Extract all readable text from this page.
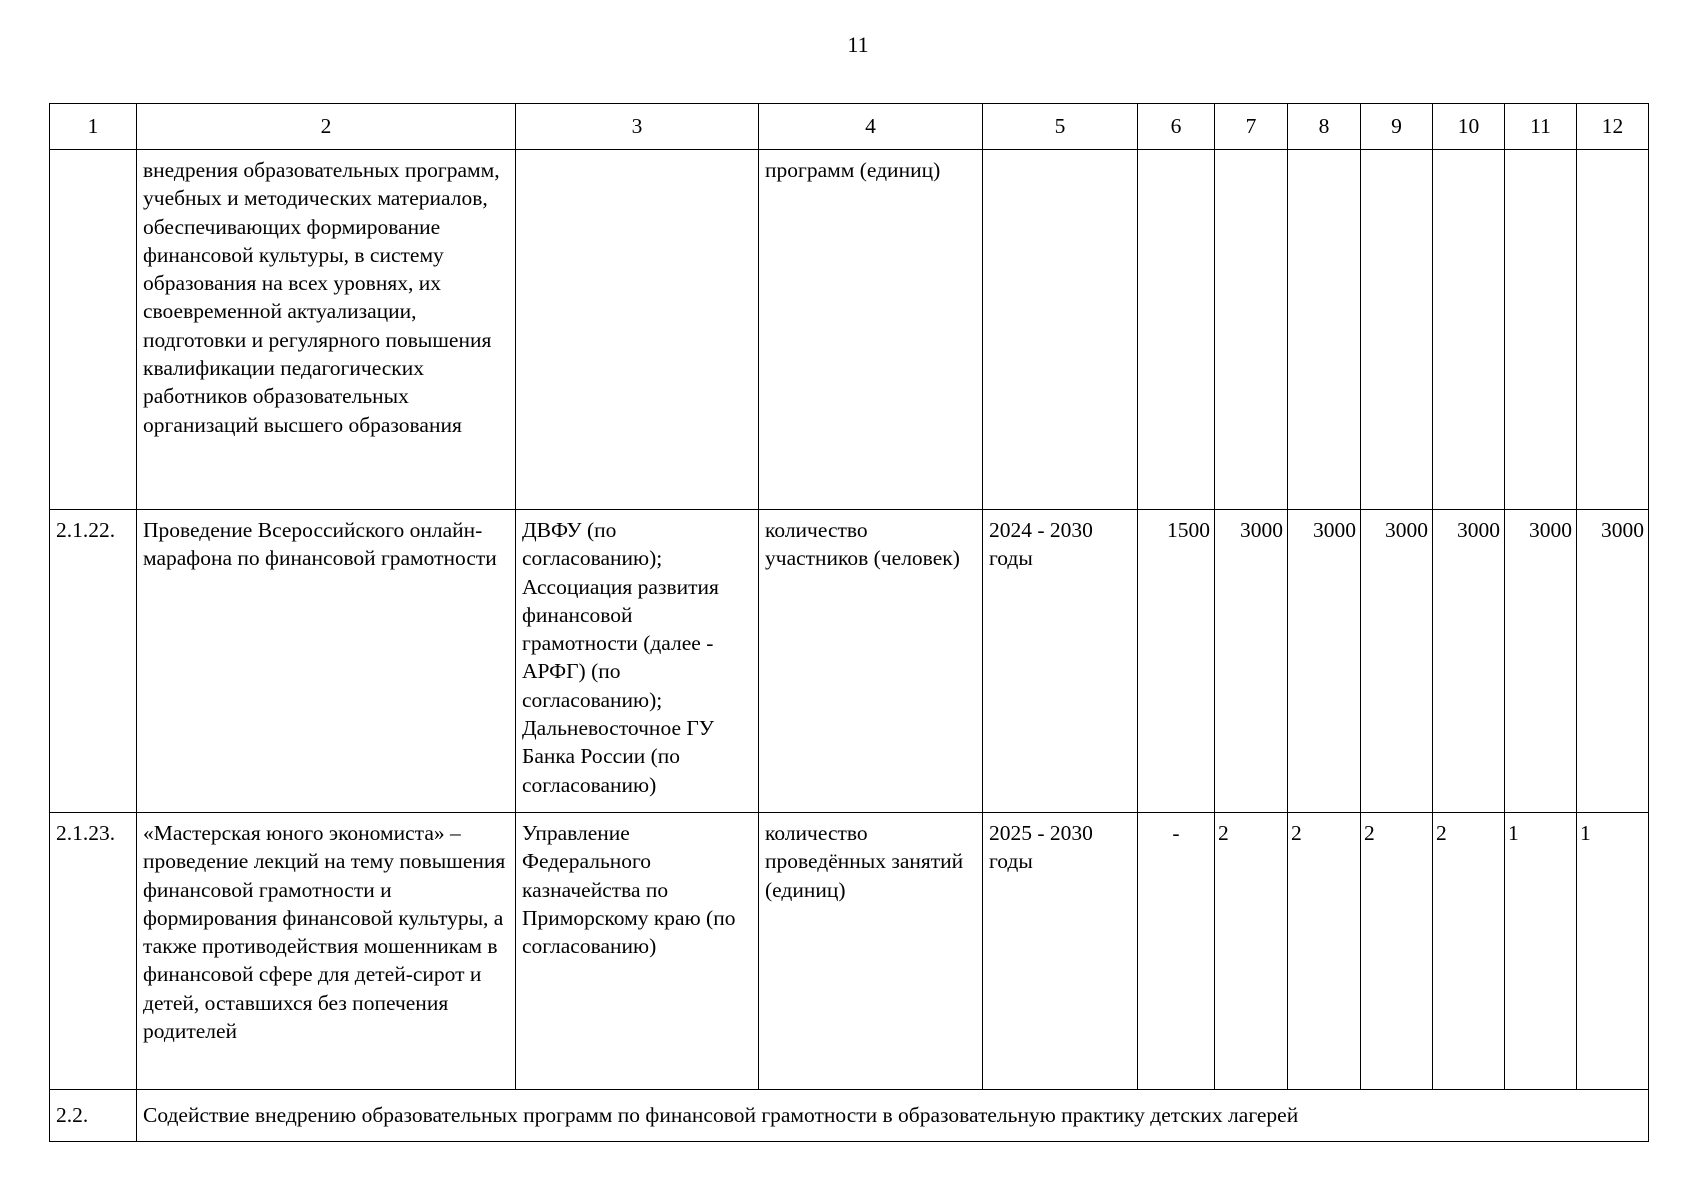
11
1	2	3	4	5	6	7	8	9	10	11	12
	внедрения образовательных программ, учебных и методических материалов, обеспечивающих формирование финансовой культуры, в систему образования на всех уровнях, их своевременной актуализации, подготовки и регулярного повышения квалификации педагогических работников образовательных организаций высшего образования		программ (единиц)								
2.1.22.	Проведение Всероссийского онлайн-марафона по финансовой грамотности	ДВФУ (по согласованию); Ассоциация развития финансовой грамотности (далее - АРФГ) (по согласованию); Дальневосточное ГУ Банка России (по согласованию)	количество участников (человек)	2024 - 2030 годы	1500	3000	3000	3000	3000	3000	3000
2.1.23.	«Мастерская юного экономиста» – проведение лекций на тему повышения финансовой грамотности и формирования финансовой культуры, а также противодействия мошенникам в финансовой сфере для детей-сирот и детей, оставшихся без попечения родителей	Управление Федерального казначейства по Приморскому краю (по согласованию)	количество проведённых занятий (единиц)	2025 - 2030 годы	-	2	2	2	2	1	1
2.2.	Содействие внедрению образовательных программ по финансовой грамотности в образовательную практику детских лагерей										
